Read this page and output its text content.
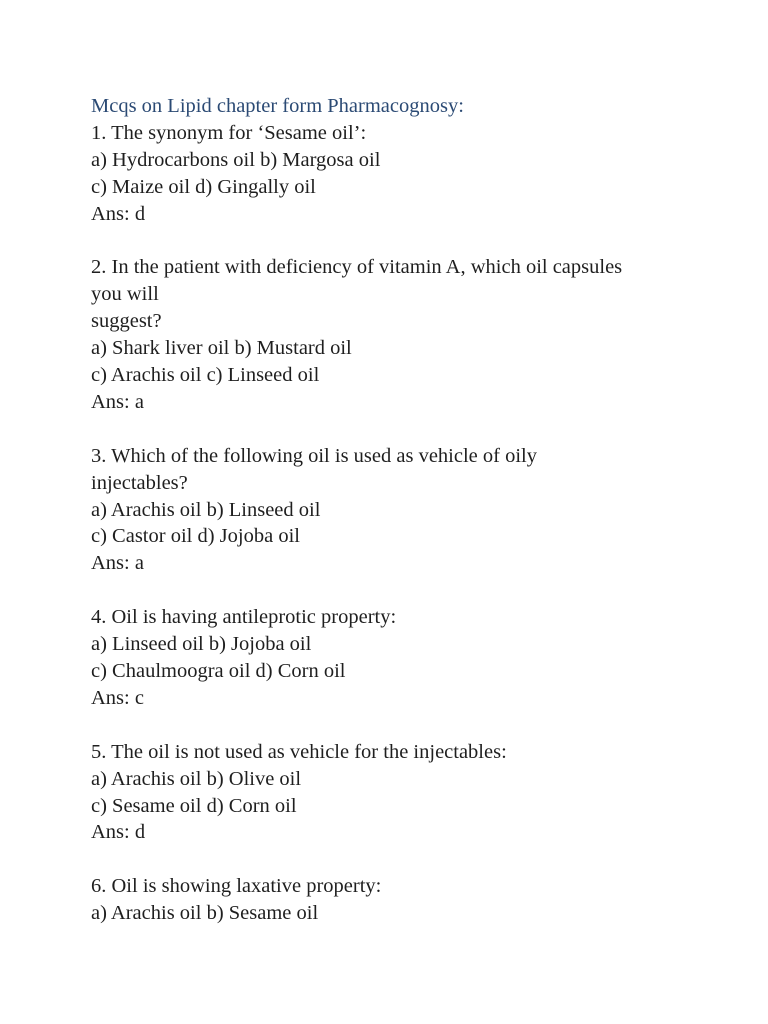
Mcqs on Lipid chapter form Pharmacognosy:
1. The synonym for ‘Sesame oil’:
a) Hydrocarbons oil b) Margosa oil
c) Maize oil d) Gingally oil
Ans: d
2. In the patient with deficiency of vitamin A, which oil capsules
you will
suggest?
a) Shark liver oil b) Mustard oil
c) Arachis oil c) Linseed oil
Ans: a
3. Which of the following oil is used as vehicle of oily
injectables?
a) Arachis oil b) Linseed oil
c) Castor oil d) Jojoba oil
Ans: a
4. Oil is having antileprotic property:
a) Linseed oil b) Jojoba oil
c) Chaulmoogra oil d) Corn oil
Ans: c
5. The oil is not used as vehicle for the injectables:
a) Arachis oil b) Olive oil
c) Sesame oil d) Corn oil
Ans: d
6. Oil is showing laxative property:
a) Arachis oil b) Sesame oil
